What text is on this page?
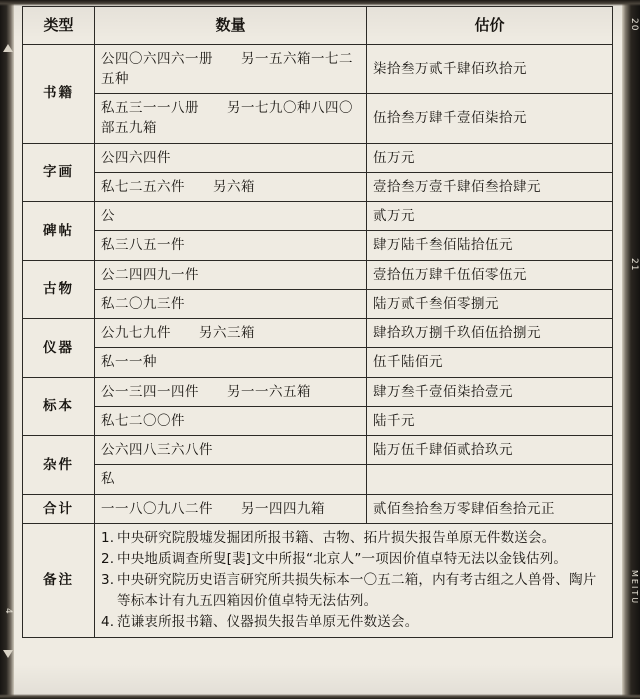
20
21
MEITU
4
类型	数量	估价
书籍	公四〇六四六一册　　另一五六箱一七二五种	柒拾叁万贰千肆佰玖拾元
	私五三一一八册　　另一七九〇种八四〇部五九箱	伍拾叁万肆千壹佰柒拾元
字画	公四六四件	伍万元
	私七二五六件　　另六箱	壹拾叁万壹千肆佰叁拾肆元
碑帖	公	贰万元
	私三八五一件	肆万陆千叁佰陆拾伍元
古物	公二四四九一件	壹拾伍万肆千伍佰零伍元
	私二〇九三件	陆万贰千叁佰零捌元
仪器	公九七九件　　另六三箱	肆拾玖万捌千玖佰伍拾捌元
	私一一种	伍千陆佰元
标本	公一三四一四件　　另一一六五箱	肆万叁千壹佰柒拾壹元
	私七二〇〇件	陆千元
杂件	公六四八三六八件	陆万伍千肆佰贰拾玖元
	私	
合计	一一八〇九八二件　　另一四四九箱	贰佰叁拾叁万零肆佰叁拾元正
备注	
1. 中央研究院殷墟发掘团所报书籍、古物、拓片损失报告单原无件数送会。
2. 中央地质调查所叟[裴]文中所报“北京人”一项因价值卓特无法以金钱估列。
3. 中央研究院历史语言研究所共损失标本一〇五二箱，内有考古组之人兽骨、陶片等标本计有九五四箱因价值卓特无法估列。
4. 范谦衷所报书籍、仪器损失报告单原无件数送会。
